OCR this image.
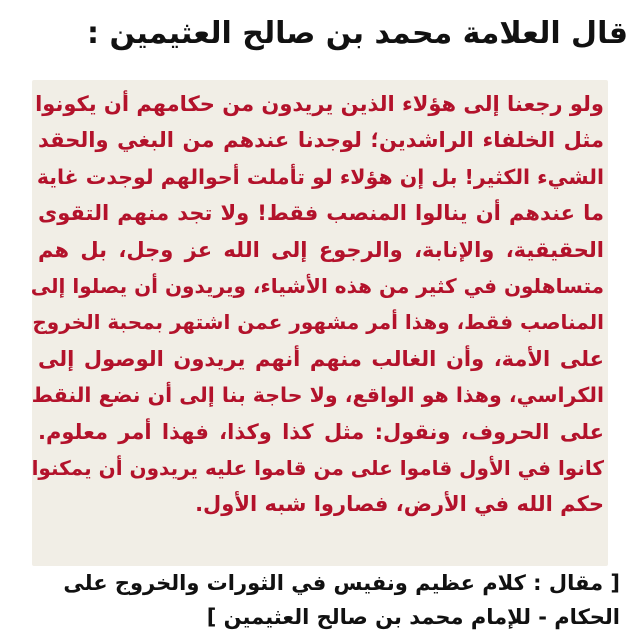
قال العلامة محمد بن صالح العثيمين :
ولو رجعنا إلى هؤلاء الذين يريدون من حكامهم أن يكونوا
مثل الخلفاء الراشدين؛ لوجدنا عندهم من البغي والحقد
الشيء الكثير! بل إن هؤلاء لو تأملت أحوالهم لوجدت غاية
ما عندهم أن ينالوا المنصب فقط! ولا تجد منهم التقوى
الحقيقية، والإنابة، والرجوع إلى الله عز وجل، بل هم
متساهلون في كثير من هذه الأشياء، ويريدون أن يصلوا إلى
المناصب فقط، وهذا أمر مشهور عمن اشتهر بمحبة الخروج
على الأمة، وأن الغالب منهم أنهم يريدون الوصول إلى
الكراسي، وهذا هو الواقع، ولا حاجة بنا إلى أن نضع النقط
على الحروف، ونقول: مثل كذا وكذا، فهذا أمر معلوم.
كانوا في الأول قاموا على من قاموا عليه يريدون أن يمكنوا
حكم الله في الأرض، فصاروا شبه الأول.
[ مقال : كلام عظيم ونفيس في الثورات والخروج على
الحكام - للإمام محمد بن صالح العثيمين ]
